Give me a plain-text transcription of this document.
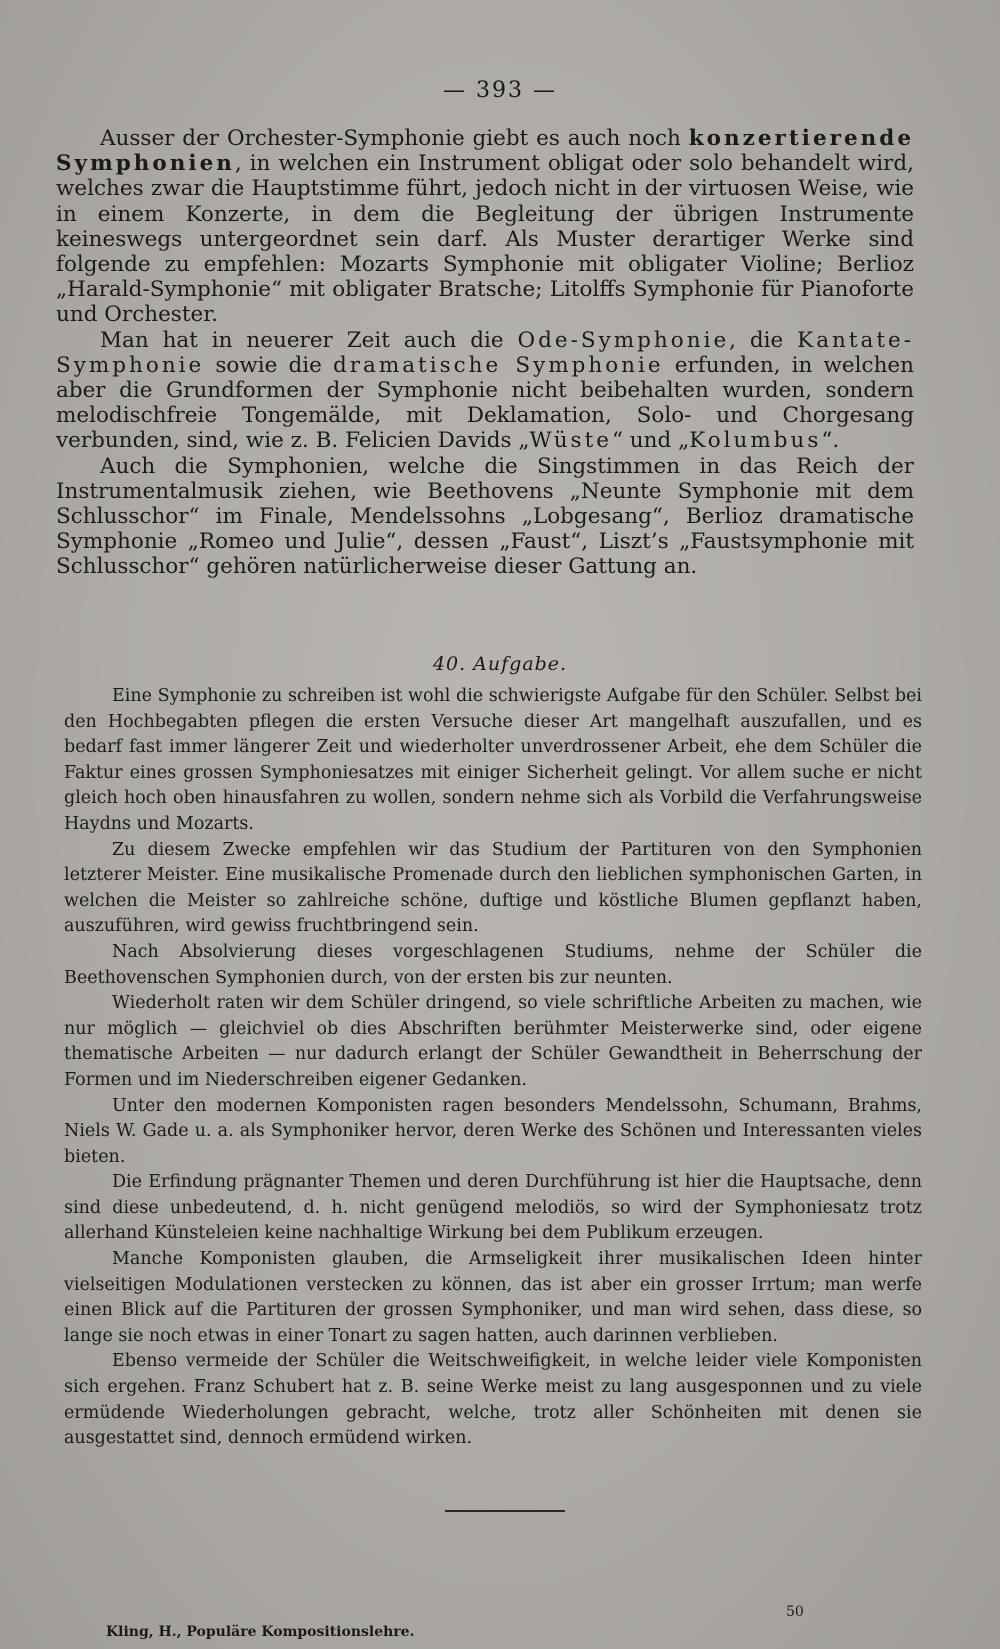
— 393 —

Ausser der Orchester-Symphonie giebt es auch noch konzertierende Symphonien, in welchen ein Instrument obligat oder solo behandelt wird, welches zwar die Hauptstimme führt, jedoch nicht in der virtuosen Weise, wie in einem Konzerte, in dem die Begleitung der übrigen Instrumente keineswegs untergeordnet sein darf. Als Muster derartiger Werke sind folgende zu empfehlen: Mozarts Symphonie mit obligater Violine; Berlioz „Harald-Symphonie“ mit obligater Bratsche; Litolffs Symphonie für Pianoforte und Orchester.

Man hat in neuerer Zeit auch die Ode-Symphonie, die Kantate-Symphonie sowie die dramatische Symphonie erfunden, in welchen aber die Grundformen der Symphonie nicht beibehalten wurden, sondern melodischfreie Tongemälde, mit Deklamation, Solo- und Chorgesang verbunden, sind, wie z. B. Felicien Davids „Wüste“ und „Kolumbus“.

Auch die Symphonien, welche die Singstimmen in das Reich der Instrumentalmusik ziehen, wie Beethovens „Neunte Symphonie mit dem Schlusschor“ im Finale, Mendelssohns „Lobgesang“, Berlioz dramatische Symphonie „Romeo und Julie“, dessen „Faust“, Liszt’s „Faustsymphonie mit Schlusschor“ gehören natürlicherweise dieser Gattung an.

40. Aufgabe.

Eine Symphonie zu schreiben ist wohl die schwierigste Aufgabe für den Schüler. Selbst bei den Hochbegabten pflegen die ersten Versuche dieser Art mangelhaft auszufallen, und es bedarf fast immer längerer Zeit und wiederholter unverdrossener Arbeit, ehe dem Schüler die Faktur eines grossen Symphoniesatzes mit einiger Sicherheit gelingt. Vor allem suche er nicht gleich hoch oben hinausfahren zu wollen, sondern nehme sich als Vorbild die Verfahrungsweise Haydns und Mozarts.

Zu diesem Zwecke empfehlen wir das Studium der Partituren von den Symphonien letzterer Meister. Eine musikalische Promenade durch den lieblichen symphonischen Garten, in welchen die Meister so zahlreiche schöne, duftige und köstliche Blumen gepflanzt haben, auszuführen, wird gewiss fruchtbringend sein.

Nach Absolvierung dieses vorgeschlagenen Studiums, nehme der Schüler die Beethovenschen Symphonien durch, von der ersten bis zur neunten.

Wiederholt raten wir dem Schüler dringend, so viele schriftliche Arbeiten zu machen, wie nur möglich — gleichviel ob dies Abschriften berühmter Meisterwerke sind, oder eigene thematische Arbeiten — nur dadurch erlangt der Schüler Gewandtheit in Beherrschung der Formen und im Niederschreiben eigener Gedanken.

Unter den modernen Komponisten ragen besonders Mendelssohn, Schumann, Brahms, Niels W. Gade u. a. als Symphoniker hervor, deren Werke des Schönen und Interessanten vieles bieten.

Die Erfindung prägnanter Themen und deren Durchführung ist hier die Hauptsache, denn sind diese unbedeutend, d. h. nicht genügend melodiös, so wird der Symphoniesatz trotz allerhand Künsteleien keine nachhaltige Wirkung bei dem Publikum erzeugen.

Manche Komponisten glauben, die Armseligkeit ihrer musikalischen Ideen hinter vielseitigen Modulationen verstecken zu können, das ist aber ein grosser Irrtum; man werfe einen Blick auf die Partituren der grossen Symphoniker, und man wird sehen, dass diese, so lange sie noch etwas in einer Tonart zu sagen hatten, auch darinnen verblieben.

Ebenso vermeide der Schüler die Weitschweifigkeit, in welche leider viele Komponisten sich ergehen. Franz Schubert hat z. B. seine Werke meist zu lang ausgesponnen und zu viele ermüdende Wiederholungen gebracht, welche, trotz aller Schönheiten mit denen sie ausgestattet sind, dennoch ermüdend wirken.

50
Kling, H., Populäre Kompositionslehre.
